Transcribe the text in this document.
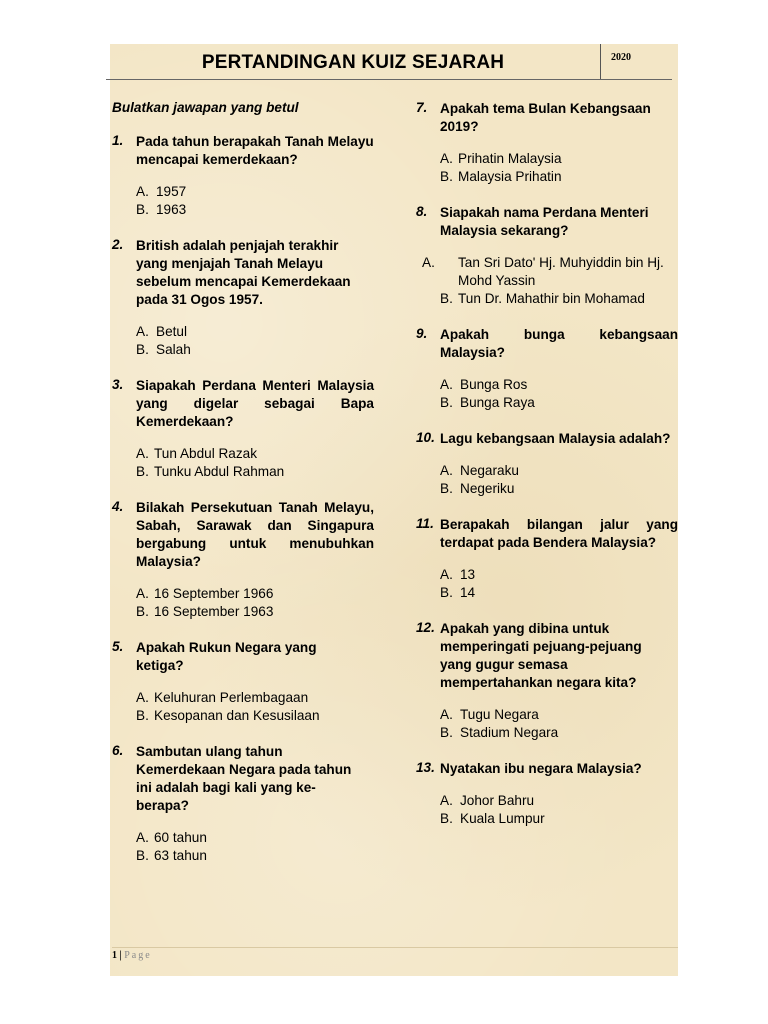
PERTANDINGAN KUIZ SEJARAH	2020
Bulatkan jawapan yang betul
1. Pada tahun berapakah Tanah Melayu mencapai kemerdekaan?
A. 1957
B. 1963
2. British adalah penjajah terakhir yang menjajah Tanah Melayu sebelum mencapai Kemerdekaan pada 31 Ogos 1957.
A. Betul
B. Salah
3. Siapakah Perdana Menteri Malaysia yang digelar sebagai Bapa Kemerdekaan?
A. Tun Abdul Razak
B. Tunku Abdul Rahman
4. Bilakah Persekutuan Tanah Melayu, Sabah, Sarawak dan Singapura bergabung untuk menubuhkan Malaysia?
A. 16 September 1966
B. 16 September 1963
5. Apakah Rukun Negara yang ketiga?
A. Keluhuran Perlembagaan
B. Kesopanan dan Kesusilaan
6. Sambutan ulang tahun Kemerdekaan Negara pada tahun ini adalah bagi kali yang ke- berapa?
A. 60 tahun
B. 63 tahun
7. Apakah tema Bulan Kebangsaan 2019?
A. Prihatin Malaysia
B. Malaysia Prihatin
8. Siapakah nama Perdana Menteri Malaysia sekarang?
A. Tan Sri Dato' Hj. Muhyiddin bin Hj. Mohd Yassin
B. Tun Dr. Mahathir bin Mohamad
9. Apakah bunga kebangsaan Malaysia?
A. Bunga Ros
B. Bunga Raya
10. Lagu kebangsaan Malaysia adalah?
A. Negaraku
B. Negeriku
11. Berapakah bilangan jalur yang terdapat pada Bendera Malaysia?
A. 13
B. 14
12. Apakah yang dibina untuk memperingati pejuang-pejuang yang gugur semasa mempertahankan negara kita?
A. Tugu Negara
B. Stadium Negara
13. Nyatakan ibu negara Malaysia?
A. Johor Bahru
B. Kuala Lumpur
1 | Page
